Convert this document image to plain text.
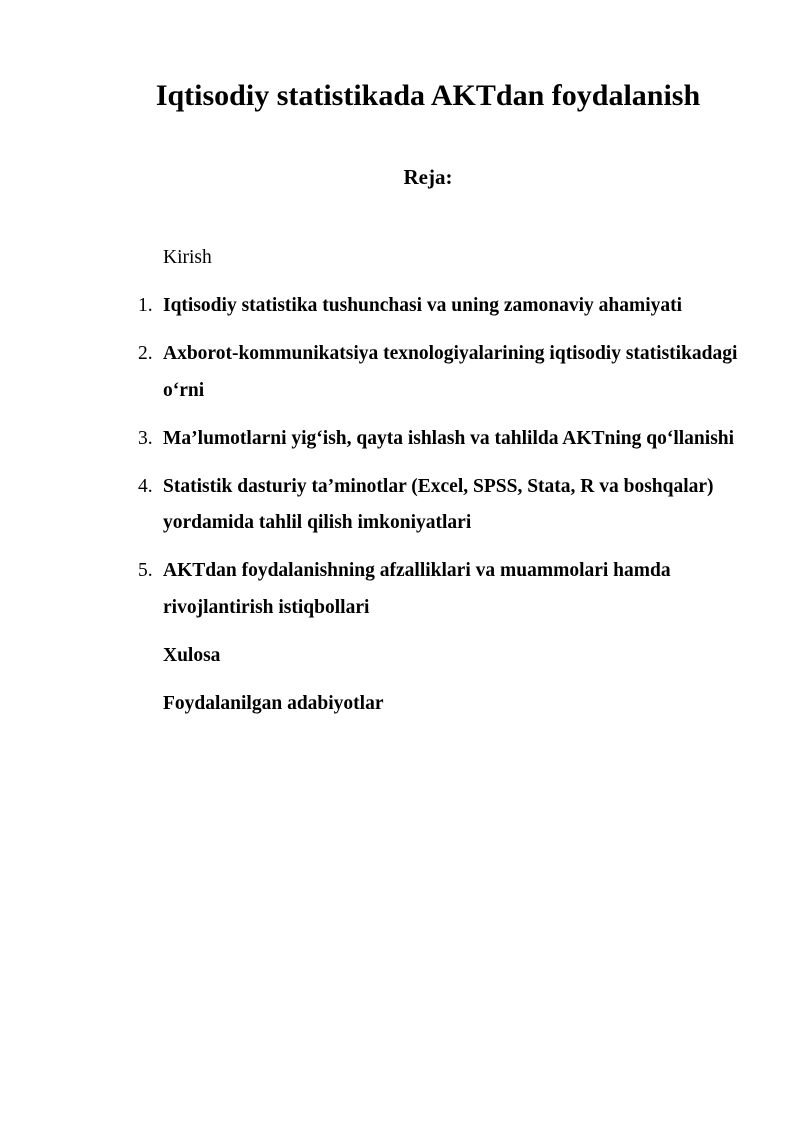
Iqtisodiy statistikada AKTdan foydalanish
Reja:
Kirish
1. Iqtisodiy statistika tushunchasi va uning zamonaviy ahamiyati
2. Axborot-kommunikatsiya texnologiyalarining iqtisodiy statistikadagi o‘rni
3. Ma’lumotlarni yig‘ish, qayta ishlash va tahlilda AKTning qo‘llanishi
4. Statistik dasturiy ta’minotlar (Excel, SPSS, Stata, R va boshqalar) yordamida tahlil qilish imkoniyatlari
5. AKTdan foydalanishning afzalliklari va muammolari hamda rivojlantirish istiqbollari
Xulosa
Foydalanilgan adabiyotlar
